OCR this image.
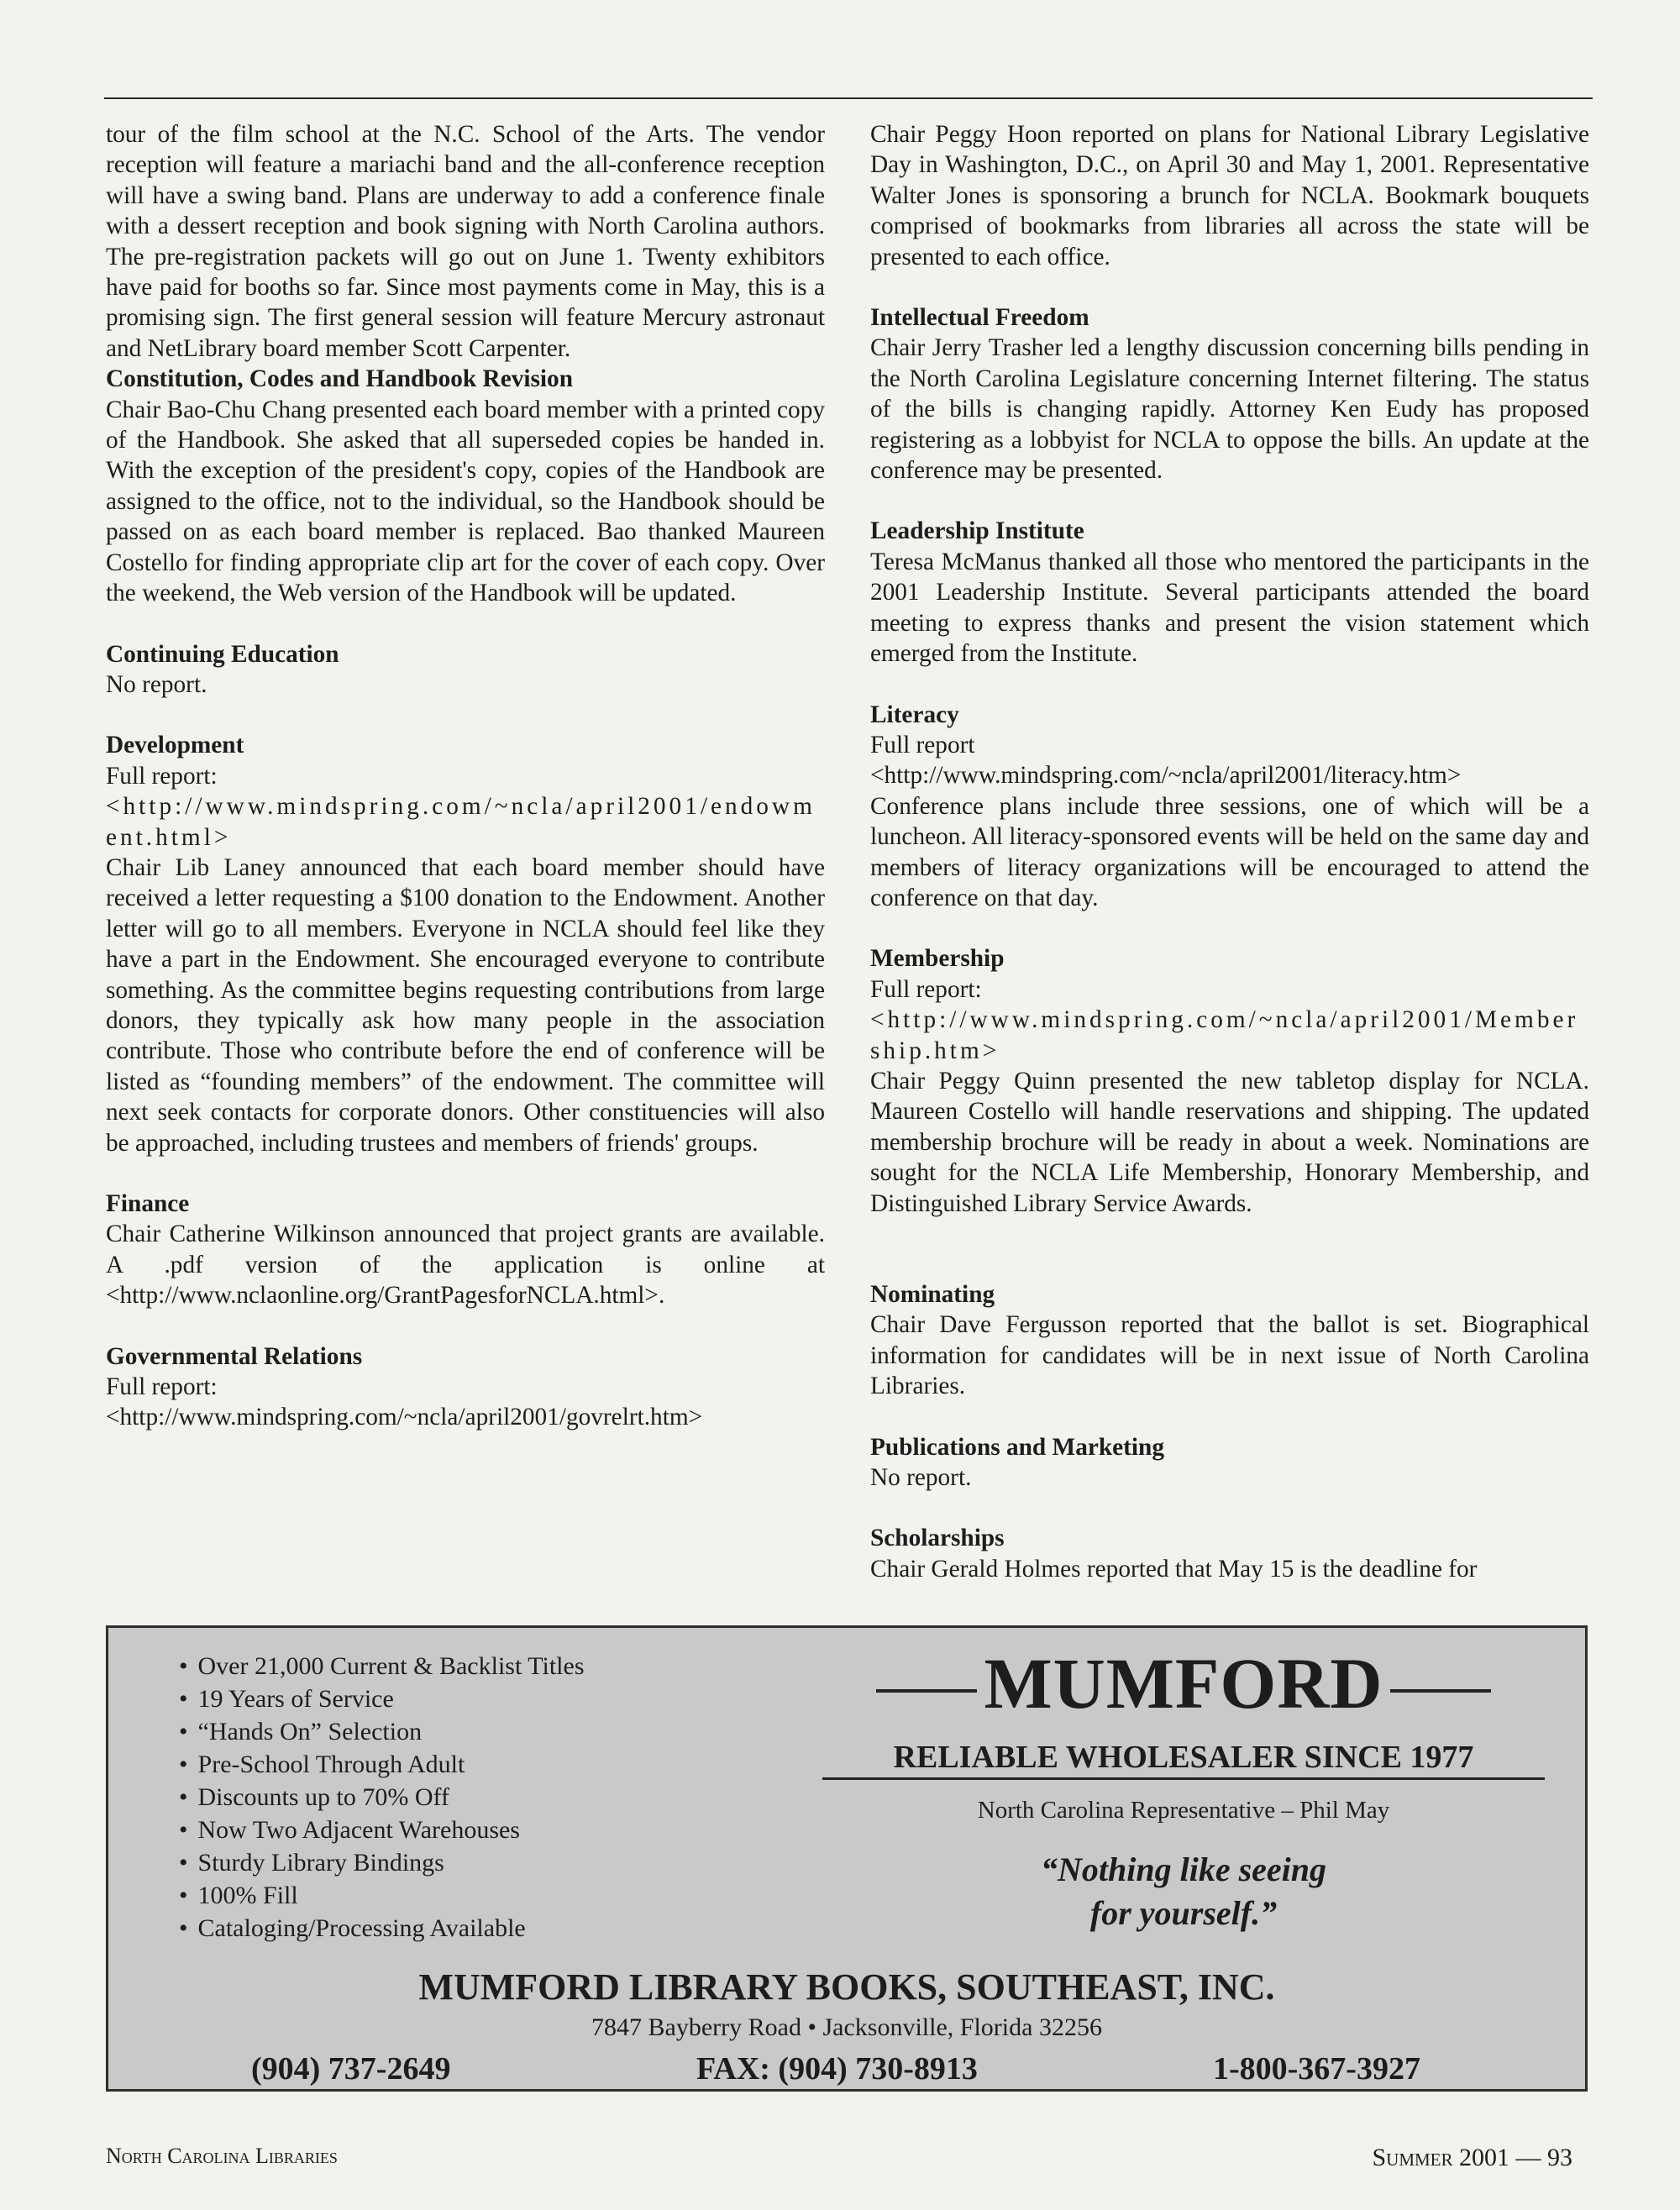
tour of the film school at the N.C. School of the Arts. The vendor reception will feature a mariachi band and the all-conference reception will have a swing band. Plans are underway to add a conference finale with a dessert reception and book signing with North Carolina authors. The pre-registration packets will go out on June 1. Twenty exhibitors have paid for booths so far. Since most payments come in May, this is a promising sign. The first general session will feature Mercury astronaut and NetLibrary board member Scott Carpenter.

Constitution, Codes and Handbook Revision

Chair Bao-Chu Chang presented each board member with a printed copy of the Handbook. She asked that all superseded copies be handed in. With the exception of the president's copy, copies of the Handbook are assigned to the office, not to the individual, so the Handbook should be passed on as each board member is replaced. Bao thanked Maureen Costello for finding appropriate clip art for the cover of each copy. Over the weekend, the Web version of the Handbook will be updated.

Continuing Education

No report.

Development

Full report:

<http://www.mindspring.com/~ncla/april2001/endowment.html>

Chair Lib Laney announced that each board member should have received a letter requesting a $100 donation to the Endowment. Another letter will go to all members. Everyone in NCLA should feel like they have a part in the Endowment. She encouraged everyone to contribute something. As the committee begins requesting contributions from large donors, they typically ask how many people in the association contribute. Those who contribute before the end of conference will be listed as “founding members” of the endowment. The committee will next seek contacts for corporate donors. Other constituencies will also be approached, including trustees and members of friends' groups.

Finance

Chair Catherine Wilkinson announced that project grants are available. A .pdf version of the application is online at <http://www.nclaonline.org/GrantPagesforNCLA.html>.

Governmental Relations

Full report:

<http://www.mindspring.com/~ncla/april2001/govrelrt.htm>

Chair Peggy Hoon reported on plans for National Library Legislative Day in Washington, D.C., on April 30 and May 1, 2001. Representative Walter Jones is sponsoring a brunch for NCLA. Bookmark bouquets comprised of bookmarks from libraries all across the state will be presented to each office.

Intellectual Freedom

Chair Jerry Trasher led a lengthy discussion concerning bills pending in the North Carolina Legislature concerning Internet filtering. The status of the bills is changing rapidly. Attorney Ken Eudy has proposed registering as a lobbyist for NCLA to oppose the bills. An update at the conference may be presented.

Leadership Institute

Teresa McManus thanked all those who mentored the participants in the 2001 Leadership Institute. Several participants attended the board meeting to express thanks and present the vision statement which emerged from the Institute.

Literacy

Full report

<http://www.mindspring.com/~ncla/april2001/literacy.htm>

Conference plans include three sessions, one of which will be a luncheon. All literacy-sponsored events will be held on the same day and members of literacy organizations will be encouraged to attend the conference on that day.

Membership

Full report:

<http://www.mindspring.com/~ncla/april2001/Membership.htm>

Chair Peggy Quinn presented the new tabletop display for NCLA. Maureen Costello will handle reservations and shipping. The updated membership brochure will be ready in about a week. Nominations are sought for the NCLA Life Membership, Honorary Membership, and Distinguished Library Service Awards.

Nominating

Chair Dave Fergusson reported that the ballot is set. Biographical information for candidates will be in next issue of North Carolina Libraries.

Publications and Marketing

No report.

Scholarships

Chair Gerald Holmes reported that May 15 is the deadline for

• Over 21,000 Current & Backlist Titles
• 19 Years of Service
• “Hands On” Selection
• Pre-School Through Adult
• Discounts up to 70% Off
• Now Two Adjacent Warehouses
• Sturdy Library Bindings
• 100% Fill
• Cataloging/Processing Available
MUMFORD
RELIABLE WHOLESALER SINCE 1977
North Carolina Representative – Phil May
“Nothing like seeing
for yourself.”
MUMFORD LIBRARY BOOKS, SOUTHEAST, INC.
7847 Bayberry Road • Jacksonville, Florida 32256
(904) 737-2649	FAX: (904) 730-8913	1-800-367-3927
North Carolina Libraries	Summer 2001 — 93
